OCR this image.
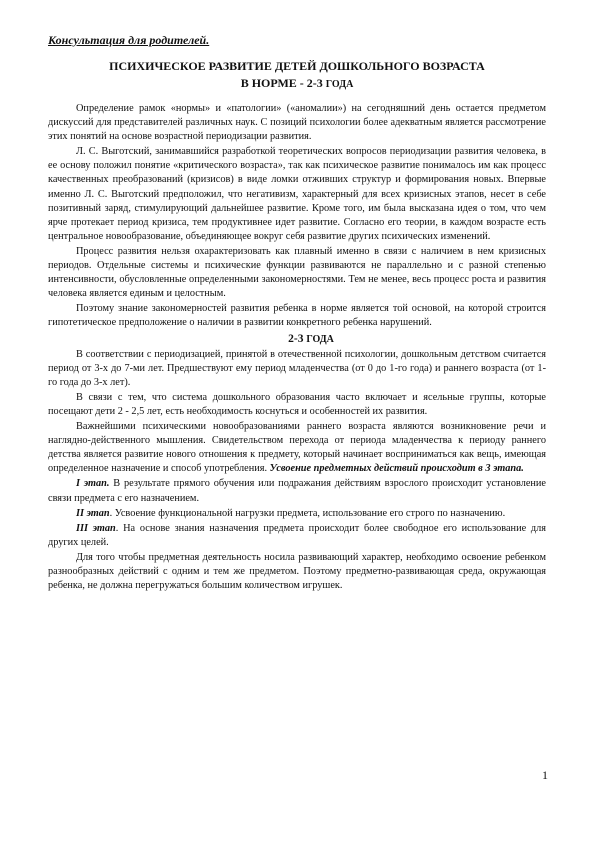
Консультация для родителей.
ПСИХИЧЕСКОЕ РАЗВИТИЕ ДЕТЕЙ ДОШКОЛЬНОГО ВОЗРАСТА
В НОРМЕ - 2-3 ГОДА

Определение рамок «нормы» и «патологии» («аномалии») на сегодняшний день остается предметом дискуссий для представителей различных наук. С позиций психологии более адекватным является рассмотрение этих понятий на основе возрастной периодизации развития.

Л. С. Выготский, занимавшийся разработкой теоретических вопросов периодизации развития человека, в ее основу положил понятие «критического возраста», так как психическое развитие понималось им как процесс качественных преобразований (кризисов) в виде ломки отживших структур и формирования новых. Впервые именно Л. С. Выготский предположил, что негативизм, характерный для всех кризисных этапов, несет в себе позитивный заряд, стимулирующий дальнейшее развитие. Кроме того, им была высказана идея о том, что чем ярче протекает период кризиса, тем продуктивнее идет развитие. Согласно его теории, в каждом возрасте есть центральное новообразование, объединяющее вокруг себя развитие других психических изменений.

Процесс развития нельзя охарактеризовать как плавный именно в связи с наличием в нем кризисных периодов. Отдельные системы и психические функции развиваются не параллельно и с разной степенью интенсивности, обусловленные определенными закономерностями. Тем не менее, весь процесс роста и развития человека является единым и целостным.

Поэтому знание закономерностей развития ребенка в норме является той основой, на которой строится гипотетическое предположение о наличии в развитии конкретного ребенка нарушений.

2-3 ГОДА

В соответствии с периодизацией, принятой в отечественной психологии, дошкольным детством считается период от 3-х до 7-ми лет. Предшествуют ему период младенчества (от 0 до 1-го года) и раннего возраста (от 1-го года до 3-х лет).

В связи с тем, что система дошкольного образования часто включает и ясельные группы, которые посещают дети 2 - 2,5 лет, есть необходимость коснуться и особенностей их развития.

Важнейшими психическими новообразованиями раннего возраста являются возникновение речи и наглядно-действенного мышления. Свидетельством перехода от периода младенчества к периоду раннего детства является развитие нового отношения к предмету, который начинает восприниматься как вещь, имеющая определенное назначение и способ употребления. Усвоение предметных действий происходит в 3 этапа.

I этап. В результате прямого обучения или подражания действиям взрослого происходит установление связи предмета с его назначением.

II этап. Усвоение функциональной нагрузки предмета, использование его строго по назначению.

III этап. На основе знания назначения предмета происходит более свободное его использование для других целей.

Для того чтобы предметная деятельность носила развивающий характер, необходимо освоение ребенком разнообразных действий с одним и тем же предметом. Поэтому предметно-развивающая среда, окружающая ребенка, не должна перегружаться большим количеством игрушек.

1
